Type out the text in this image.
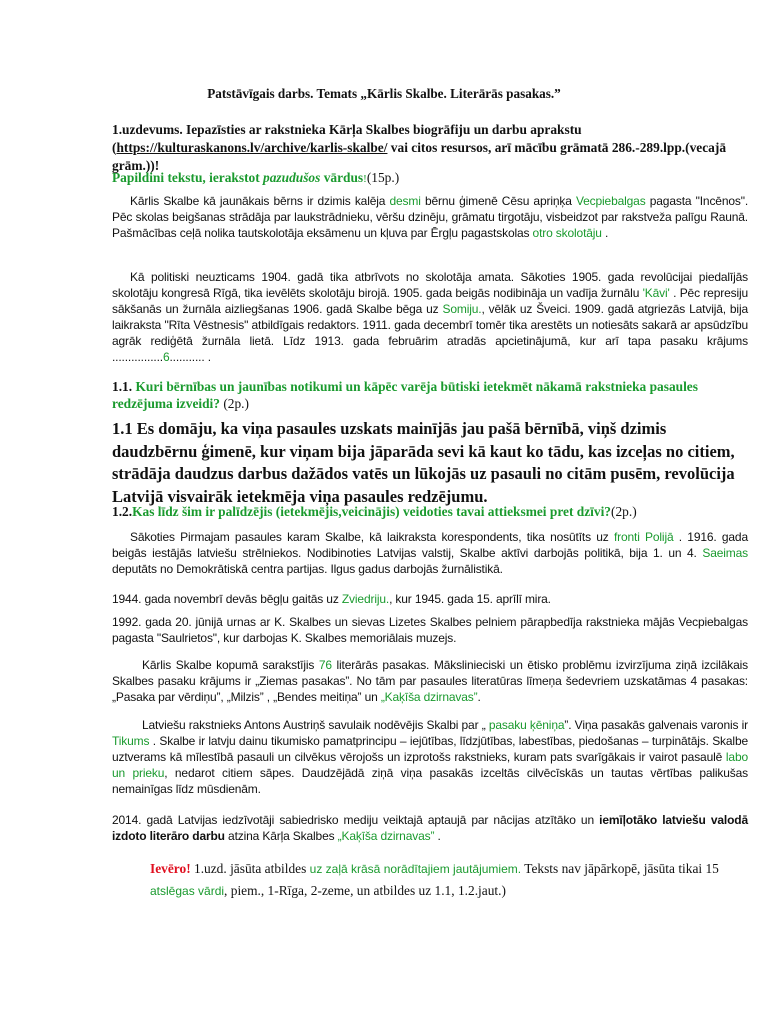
Patstāvīgais darbs. Temats „Kārlis Skalbe. Literārās pasakas.”
1.uzdevums. Iepazīsties ar rakstnieka Kārļa Skalbes biogrāfiju un darbu aprakstu (https://kulturaskanons.lv/archive/karlis-skalbe/ vai citos resursos, arī mācību grāmatā 286.-289.lpp.(vecajā grām.))!
Papildini tekstu, ierakstot pazudušos vārdus!(15p.)
Kārlis Skalbe kā jaunākais bērns ir dzimis kalēja desmi bērnu ģimenē Cēsu apriņķa Vecpiebalgas pagasta "Incēnos". Pēc skolas beigšanas strādāja par laukstrādnieku, vēršu dzinēju, grāmatu tirgotāju, visbeidzot par rakstveža palīgu Raunā. Pašmācības ceļā nolika tautskolotāja eksāmenu un kļuva par Ērgļu pagastskolas otro skolotāju .
Kā politiski neuzticams 1904. gadā tika atbrīvots no skolotāja amata. Sākoties 1905. gada revolūcijai piedalījās skolotāju kongresā Rīgā, tika ievēlēts skolotāju birojā. 1905. gada beigās nodibināja un vadīja žurnālu 'Kāvi' . Pēc represiju sākšanās un žurnāla aizliegšanas 1906. gadā Skalbe bēga uz Somiju., vēlāk uz Šveici. 1909. gadā atgriezās Latvijā, bija laikraksta "Rīta Vēstnesis" atbildīgais redaktors. 1911. gada decembrī tomēr tika arestēts un notiesāts sakarā ar apsūdzību agrāk rediģētā žurnāla lietā. Līdz 1913. gada februārim atradās apcietinājumā, kur arī tapa pasaku krājums ................6........... .
1.1. Kuri bērnības un jaunības notikumi un kāpēc varēja būtiski ietekmēt nākamā rakstnieka pasaules redzējuma izveidi? (2p.)
1.1 Es domāju, ka viņa pasaules uzskats mainījās jau pašā bērnībā, viņš dzimis daudzbērnu ģimenē, kur viņam bija jāparāda sevi kā kaut ko tādu, kas izceļas no citiem, strādāja daudzus darbus dažādos vatēs un lūkojās uz pasauli no citām pusēm, revolūcija Latvijā visvairāk ietekmēja viņa pasaules redzējumu.
1.2.Kas līdz šim ir palīdzējis (ietekmējis,veicinājis) veidoties tavai attieksmei pret dzīvi?(2p.)
Sākoties Pirmajam pasaules karam Skalbe, kā laikraksta korespondents, tika nosūtīts uz fronti Polijā . 1916. gada beigās iestājās latviešu strēlniekos. Nodibinoties Latvijas valstij, Skalbe aktīvi darbojās politikā, bija 1. un 4. Saeimas deputāts no Demokrātiskā centra partijas. Ilgus gadus darbojās žurnālistikā.
1944. gada novembrī devās bēgļu gaitās uz Zviedriju., kur 1945. gada 15. aprīlī mira.
1992. gada 20. jūnijā urnas ar K. Skalbes un sievas Lizetes Skalbes pelniem pārapbedīja rakstnieka mājās Vecpiebalgas pagasta "Saulrietos", kur darbojas K. Skalbes memoriālais muzejs.
Kārlis Skalbe kopumā sarakstījis 76 literārās pasakas. Mākslinieciski un ētisko problēmu izvirzījuma ziņā izcilākais Skalbes pasaku krājums ir „Ziemas pasakas”. No tām par pasaules literatūras līmeņa šedevriem uzskatāmas 4 pasakas: „Pasaka par vērdiņu”, „Milzis” , „Bendes meitiņa” un „Kaķīša dzirnavas”.
Latviešu rakstnieks Antons Austriņš savulaik nodēvējis Skalbi par „ pasaku ķēniņa”. Viņa pasakās galvenais varonis ir Tikums . Skalbe ir latvju dainu tikumisko pamatprincipu – iejūtības, līdzjūtības, labestības, piedošanas – turpinātājs. Skalbe uztverams kā mīlestībā pasauli un cilvēkus vērojošs un izprotošs rakstnieks, kuram pats svarīgākais ir vairot pasaulē labo un prieku, nedarot citiem sāpes. Daudzējādā ziņā viņa pasakās izceltās cilvēcīskās un tautas vērtības palikušas nemainīgas līdz mūsdienām.
2014. gadā Latvijas iedzīvotāji sabiedrisko mediju veiktajā aptaujā par nācijas atzītāko un iemīļotāko latviešu valodā izdoto literāro darbu atzina Kārļa Skalbes „Kaķīša dzirnavas” .
Ievēro! 1.uzd. jāsūta atbildes uz zaļā krāsā norādītajiem jautājumiem. Teksts nav jāpārkopē, jāsūta tikai 15 atslēgas vārdi, piem., 1-Rīga, 2-zeme, un atbildes uz 1.1, 1.2.jaut.)
